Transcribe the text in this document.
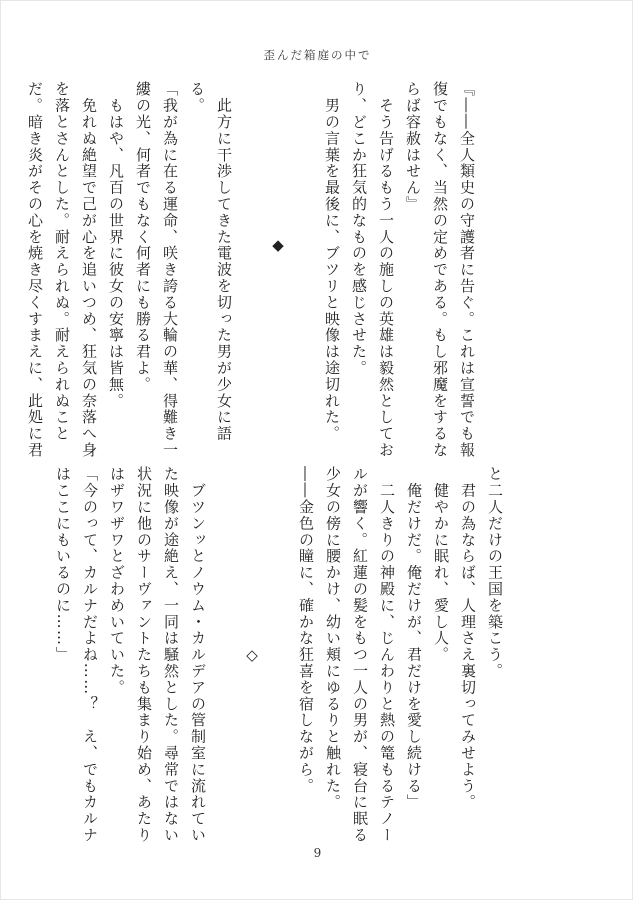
歪んだ箱庭の中で
『――全人類史の守護者に告ぐ。これは宣誓でも報
復でもなく、当然の定めである。もし邪魔をするな
らば容赦はせん』
　そう告げるもう一人の施しの英雄は毅然としてお
り、どこか狂気的なものを感じさせた。
　男の言葉を最後に、ブツリと映像は途切れた。

◆

　此方に干渉してきた電波を切った男が少女に語
る。
「我が為に在る運命、咲き誇る大輪の華、得難き一
縷の光、何者でもなく何者にも勝る君よ。
　もはや、凡百の世界に彼女の安寧は皆無。
　免れぬ絶望で己が心を追いつめ、狂気の奈落へ身
を落とさんとした。耐えられぬ。耐えられぬこと
だ。暗き炎がその心を焼き尽くすまえに、此処に君
と二人だけの王国を築こう。
　君の為ならば、人理さえ裏切ってみせよう。
　健やかに眠れ、愛し人。
　俺だけだ。俺だけが、君だけを愛し続ける」
　二人きりの神殿に、じんわりと熱の篭もるテノー
ルが響く。紅蓮の髪をもつ一人の男が、寝台に眠る
少女の傍に腰かけ、幼い頬にゆるりと触れた。
――金色の瞳に、確かな狂喜を宿しながら。

◇

　ブツンッとノウム・カルデアの管制室に流れてい
た映像が途絶え、一同は騒然とした。尋常ではない
状況に他のサーヴァントたちも集まり始め、あたり
はザワザワとざわめいていた。
「今のって、カルナだよね……？　え、でもカルナ
はここにもいるのに……」
9
